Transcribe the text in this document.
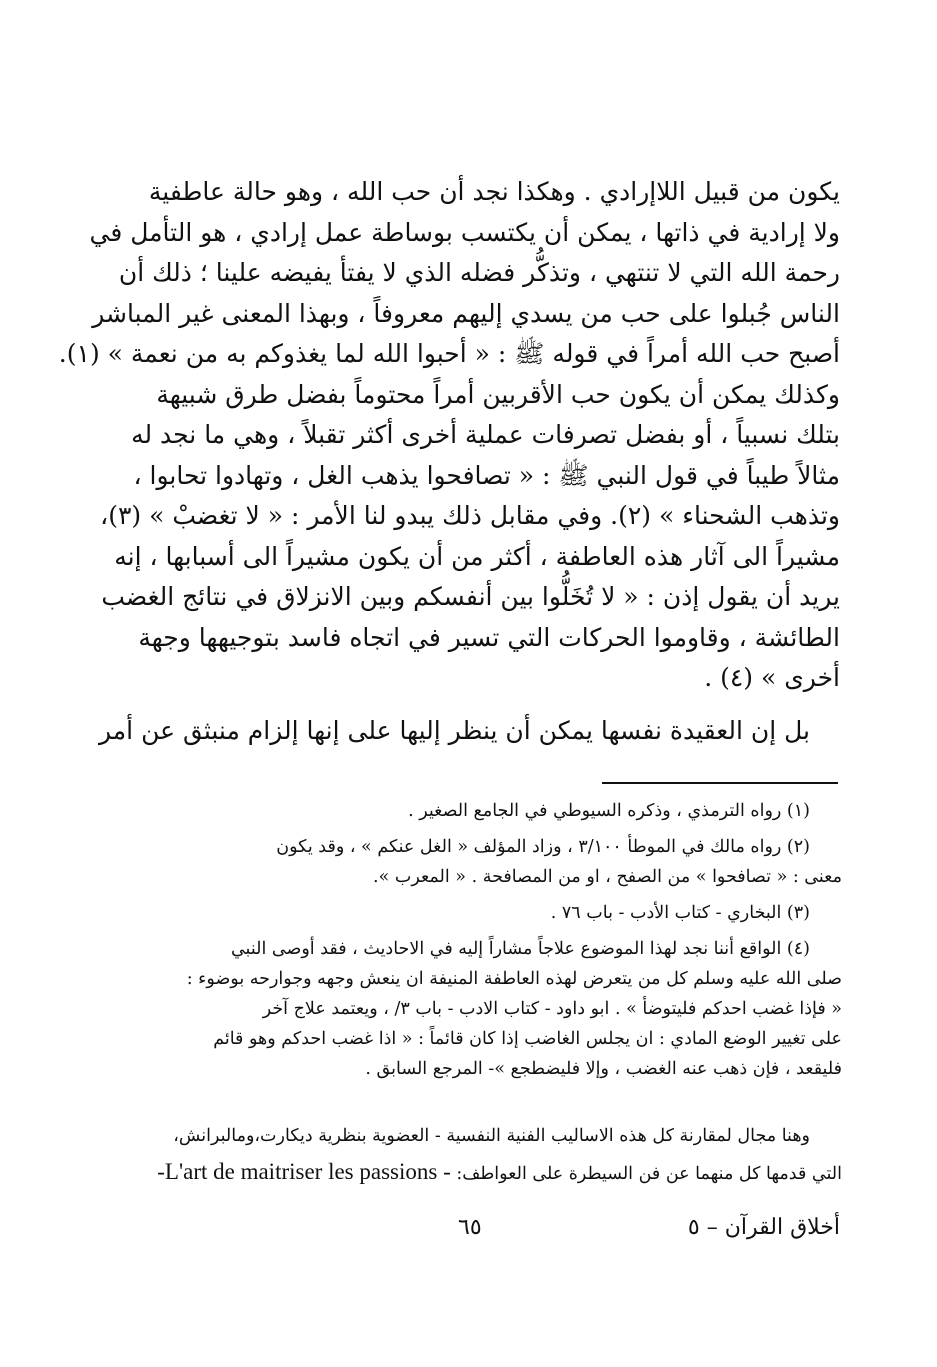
يكون من قبيل اللاإرادي . وهكذا نجد أن حب الله ، وهو حالة عاطفية
ولا إرادية في ذاتها ، يمكن أن يكتسب بوساطة عمل إرادي ، هو التأمل في
رحمة الله التي لا تنتهي ، وتذكُّر فضله الذي لا يفتأ يفيضه علينا ؛ ذلك أن
الناس جُبلوا على حب من يسدي إليهم معروفاً ، وبهذا المعنى غير المباشر
أصبح حب الله أمراً في قوله ﷺ : « أحبوا الله لما يغذوكم به من نعمة » (١).
وكذلك يمكن أن يكون حب الأقربين أمراً محتوماً بفضل طرق شبيهة
بتلك نسبياً ، أو بفضل تصرفات عملية أخرى أكثر تقبلاً ، وهي ما نجد له
مثالاً طيباً في قول النبي ﷺ : « تصافحوا يذهب الغل ، وتهادوا تحابوا ،
وتذهب الشحناء » (٢). وفي مقابل ذلك يبدو لنا الأمر : « لا تغضبْ » (٣)،
مشيراً الى آثار هذه العاطفة ، أكثر من أن يكون مشيراً الى أسبابها ، إنه
يريد أن يقول إذن : « لا تُخَلُّوا بين أنفسكم وبين الانزلاق في نتائج الغضب
الطائشة ، وقاوموا الحركات التي تسير في اتجاه فاسد بتوجيهها وجهة
أخرى » (٤) .
بل إن العقيدة نفسها يمكن أن ينظر إليها على إنها إلزام منبثق عن أمر
(١) رواه الترمذي ، وذكره السيوطي في الجامع الصغير .
(٢) رواه مالك في الموطأ ٣/١٠٠ ، وزاد المؤلف « الغل عنكم » ، وقد يكون
معنى : « تصافحوا » من الصفح ، او من المصافحة . « المعرب ».
(٣) البخاري - كتاب الأدب - باب ٧٦ .
(٤) الواقع أننا نجد لهذا الموضوع علاجاً مشاراً إليه في الاحاديث ، فقد أوصى النبي
صلى الله عليه وسلم كل من يتعرض لهذه العاطفة المنيفة ان ينعش وجهه وجوارحه بوضوء :
« فإذا غضب احدكم فليتوضأ » . ابو داود - كتاب الادب - باب ٣/ ، ويعتمد علاج آخر
على تغيير الوضع المادي : ان يجلس الغاضب إذا كان قائماً : « اذا غضب احدكم وهو قائم
فليقعد ، فإن ذهب عنه الغضب ، وإلا فليضطجع »- المرجع السابق .
وهنا مجال لمقارنة كل هذه الاساليب الفنية النفسية - العضوية بنظرية ديكارت،ومالبرانش،
التي قدمها كل منهما عن فن السيطرة على العواطف: -L'art de maitriser les passions -
٦٥	أخلاق القرآن – ٥
